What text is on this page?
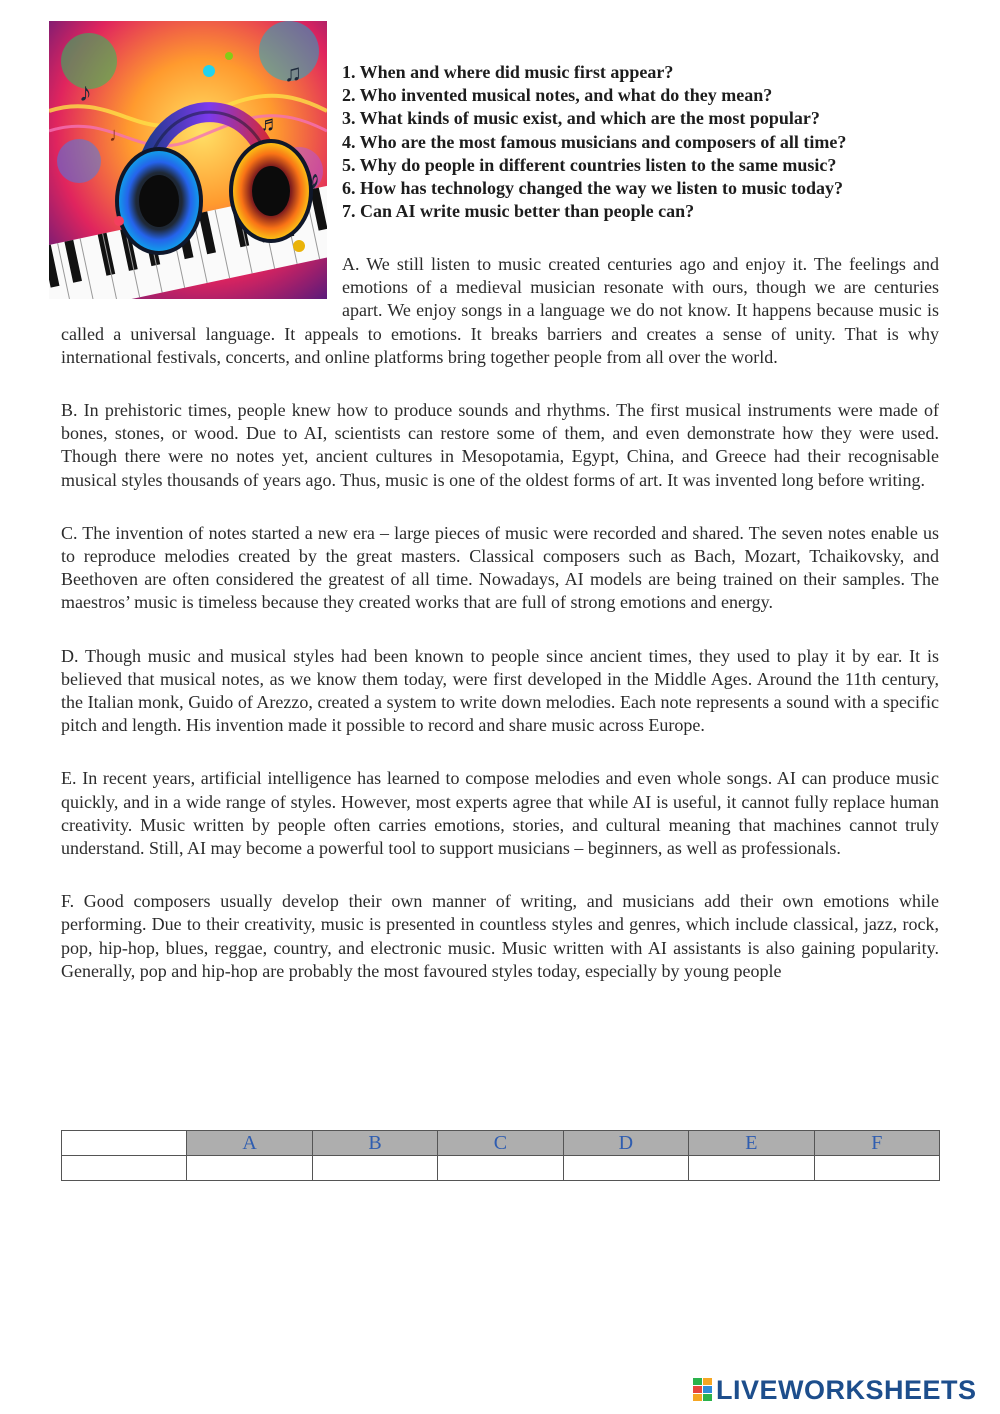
♪
♫
♩	♬
1. When and where did music first appear?
2. Who invented musical notes, and what do they mean?
3. What kinds of music exist, and which are the most popular?
4. Who are the most famous musicians and composers of all time?
5. Why do people in different countries listen to the same music?
6. How has technology changed the way we listen to music today?
7. Can AI write music better than people can?

A. We still listen to music created centuries ago and enjoy it. The feelings and emotions of a medieval musician resonate with ours, though we are centuries apart. We enjoy songs in a language we do not know. It happens because music is called a universal language. It appeals to emotions. It breaks barriers and creates a sense of unity. That is why international festivals, concerts, and online platforms bring together people from all over the world.

B. In prehistoric times, people knew how to produce sounds and rhythms. The first musical instruments were made of bones, stones, or wood. Due to AI, scientists can restore some of them, and even demonstrate how they were used. Though there were no notes yet, ancient cultures in Mesopotamia, Egypt, China, and Greece had their recognisable musical styles thousands of years ago. Thus, music is one of the oldest forms of art. It was invented long before writing.

C. The invention of notes started a new era – large pieces of music were recorded and shared. The seven notes enable us to reproduce melodies created by the great masters. Classical composers such as Bach, Mozart, Tchaikovsky, and Beethoven are often considered the greatest of all time. Nowadays, AI models are being trained on their samples. The maestros’ music is timeless because they created works that are full of strong emotions and energy.

D. Though music and musical styles had been known to people since ancient times, they used to play it by ear. It is believed that musical notes, as we know them today, were first developed in the Middle Ages. Around the 11th century, the Italian monk, Guido of Arezzo, created a system to write down melodies. Each note represents a sound with a specific pitch and length. His invention made it possible to record and share music across Europe.

E. In recent years, artificial intelligence has learned to compose melodies and even whole songs. AI can produce music quickly, and in a wide range of styles. However, most experts agree that while AI is useful, it cannot fully replace human creativity. Music written by people often carries emotions, stories, and cultural meaning that machines cannot truly understand. Still, AI may become a powerful tool to support musicians – beginners, as well as professionals.

F. Good composers usually develop their own manner of writing, and musicians add their own emotions while performing. Due to their creativity, music is presented in countless styles and genres, which include classical, jazz, rock, pop, hip-hop, blues, reggae, country, and electronic music. Music written with AI assistants is also gaining popularity. Generally, pop and hip-hop are probably the most favoured styles today, especially by young people

	A	B	C	D	E	F

LIVEWORKSHEETS
